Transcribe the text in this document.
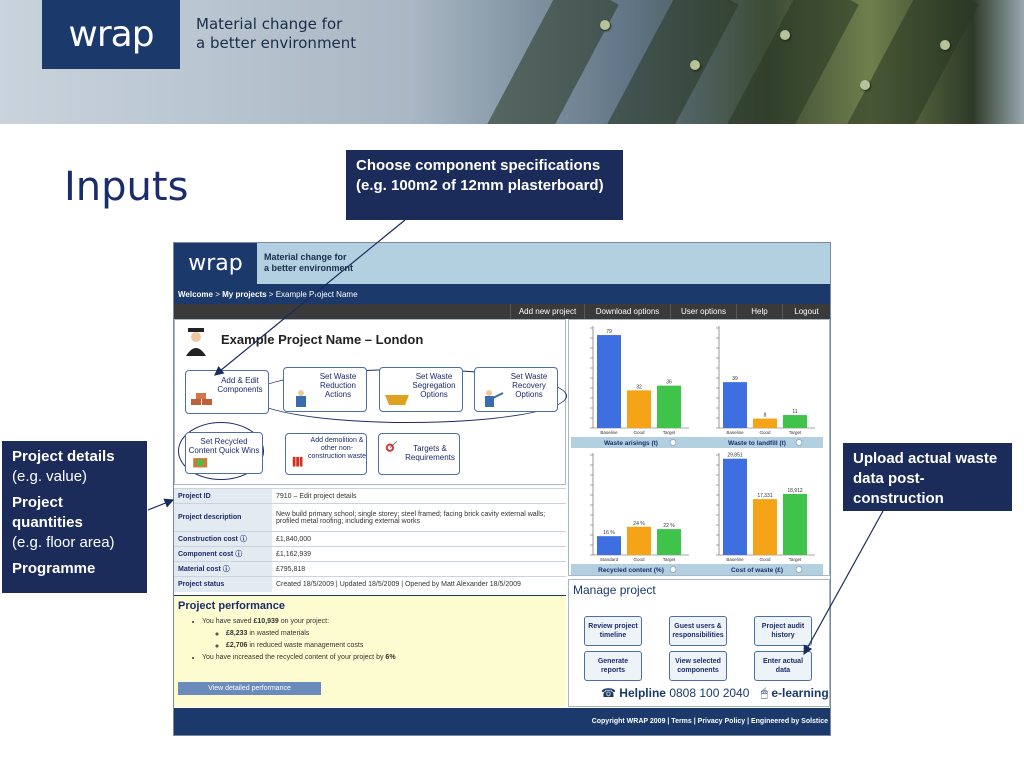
wrap	Material change for
a better environment
Inputs
wrap	Material change for
a better environment
Welcome > My projects > Example Project Name
Add new project	Download options	User options	Help	Logout
Example Project Name – London
Add & Edit Components
Set Waste Reduction Actions
Set Waste Segregation Options
Set Waste Recovery Options
Set Recycled Content Quick Wins
Add demolition & other non-construction waste
Targets & Requirements
Project ID	7910 – Edit project details
Project description	New build primary school; single storey; steel framed; facing brick cavity external walls; profiled metal roofing; including external works
Construction cost ⓘ	£1,840,000
Component cost ⓘ	£1,162,939
Material cost ⓘ	£795,818
Project status	Created 18/5/2009 | Updated 18/5/2009 | Opened by Matt Alexander 18/5/2009
Project performance
• You have saved £10,939 on your project:
◦ £8,233 in wasted materials
◦ £2,706 in reduced waste management costs
• You have increased the recycled content of your project by 6%
View detailed performance
79
Baseline
32
Good
36
Target
Waste arisings (t)
39
Baseline
8
Good
11
Target
Waste to landfill (t)
16 %
Standard
24 %
Good
22 %
Target
Recycled content (%)
29,851
Baseline
17,331
Good
18,912
Target
Cost of waste (£)
Manage project
Review project timeline
Guest users & responsibilities
Project audit history
Generate reports
View selected components
Enter actual data
☎ Helpline 0808 100 2040 🖱 e-learning
Copyright WRAP 2009 | Terms | Privacy Policy | Engineered by Solstice
Choose component specifications (e.g. 100m2 of 12mm plasterboard)

Project details
(e.g. value)

Project quantities
(e.g. floor area)

Programme

Upload actual waste data post-construction
